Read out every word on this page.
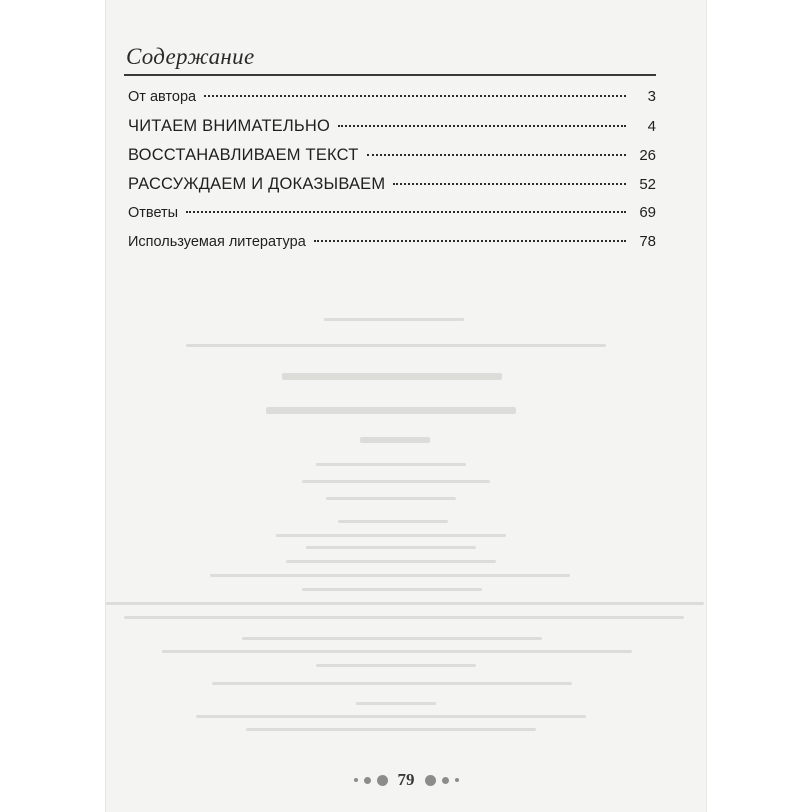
Содержание
От автора	3
ЧИТАЕМ ВНИМАТЕЛЬНО	4
ВОССТАНАВЛИВАЕМ ТЕКСТ	26
РАССУЖДАЕМ И ДОКАЗЫВАЕМ	52
Ответы	69
Используемая литература	78
79
